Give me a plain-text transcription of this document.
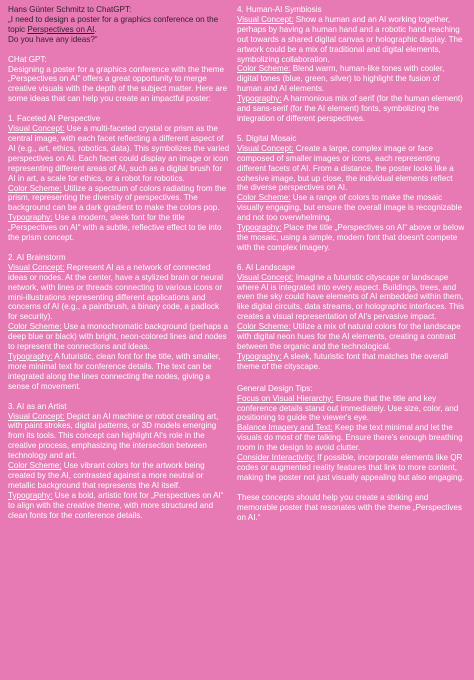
Hans Günter Schmitz to ChatGPT:

„I need to design a poster for a graphics conference on the topic Perspectives on AI.

Do you have any ideas?“

CHat GPT:

Designing a poster for a graphics conference with the theme „Perspectives on AI“ offers a great opportunity to merge creative visuals with the depth of the subject matter. Here are some ideas that can help you create an impactful poster:

1. Faceted AI Perspective

Visual Concept: Use a multi-faceted crystal or prism as the central image, with each facet reflecting a different aspect of AI (e.g., art, ethics, robotics, data). This symbolizes the varied perspectives on AI. Each facet could display an image or icon representing different areas of AI, such as a digital brush for AI in art, a scale for ethics, or a robot for robotics.

Color Scheme: Utilize a spectrum of colors radiating from the prism, representing the diversity of perspectives. The background can be a dark gradient to make the colors pop.

Typography: Use a modern, sleek font for the title „Perspectives on AI“ with a subtle, reflective effect to tie into the prism concept.

2. AI Brainstorm

Visual Concept: Represent AI as a network of connected ideas or nodes. At the center, have a stylized brain or neural network, with lines or threads connecting to various icons or mini-illustrations representing different applications and concerns of AI (e.g., a paintbrush, a binary code, a padlock for security).

Color Scheme: Use a monochromatic background (perhaps a deep blue or black) with bright, neon-colored lines and nodes to represent the connections and ideas.

Typography: A futuristic, clean font for the title, with smaller, more minimal text for conference details. The text can be integrated along the lines connecting the nodes, giving a sense of movement.

3. AI as an Artist

Visual Concept: Depict an AI machine or robot creating art, with paint strokes, digital patterns, or 3D models emerging from its tools. This concept can highlight AI's role in the creative process, emphasizing the intersection between technology and art.

Color Scheme: Use vibrant colors for the artwork being created by the AI, contrasted against a more neutral or metallic background that represents the AI itself.

Typography: Use a bold, artistic font for „Perspectives on AI“ to align with the creative theme, with more structured and clean fonts for the conference details.

4. Human-AI Symbiosis

Visual Concept: Show a human and an AI working together, perhaps by having a human hand and a robotic hand reaching out towards a shared digital canvas or holographic display. The artwork could be a mix of traditional and digital elements, symbolizing collaboration.

Color Scheme: Blend warm, human-like tones with cooler, digital tones (blue, green, silver) to highlight the fusion of human and AI elements.

Typography: A harmonious mix of serif (for the human element) and sans-serif (for the AI element) fonts, symbolizing the integration of different perspectives.

5. Digital Mosaic

Visual Concept: Create a large, complex image or face composed of smaller images or icons, each representing different facets of AI. From a distance, the poster looks like a cohesive image, but up close, the individual elements reflect the diverse perspectives on AI.

Color Scheme: Use a range of colors to make the mosaic visually engaging, but ensure the overall image is recognizable and not too overwhelming.

Typography: Place the title „Perspectives on AI“ above or below the mosaic, using a simple, modern font that doesn't compete with the complex imagery.

6. AI Landscape

Visual Concept: Imagine a futuristic cityscape or landscape where AI is integrated into every aspect. Buildings, trees, and even the sky could have elements of AI embedded within them, like digital circuits, data streams, or holographic interfaces. This creates a visual representation of AI's pervasive impact.

Color Scheme: Utilize a mix of natural colors for the landscape with digital neon hues for the AI elements, creating a contrast between the organic and the technological.

Typography: A sleek, futuristic font that matches the overall theme of the cityscape.

General Design Tips:

Focus on Visual Hierarchy: Ensure that the title and key conference details stand out immediately. Use size, color, and positioning to guide the viewer's eye.

Balance Imagery and Text: Keep the text minimal and let the visuals do most of the talking. Ensure there's enough breathing room in the design to avoid clutter.

Consider Interactivity: If possible, incorporate elements like QR codes or augmented reality features that link to more content, making the poster not just visually appealing but also engaging.

These concepts should help you create a striking and memorable poster that resonates with the theme „Perspectives on AI.“
